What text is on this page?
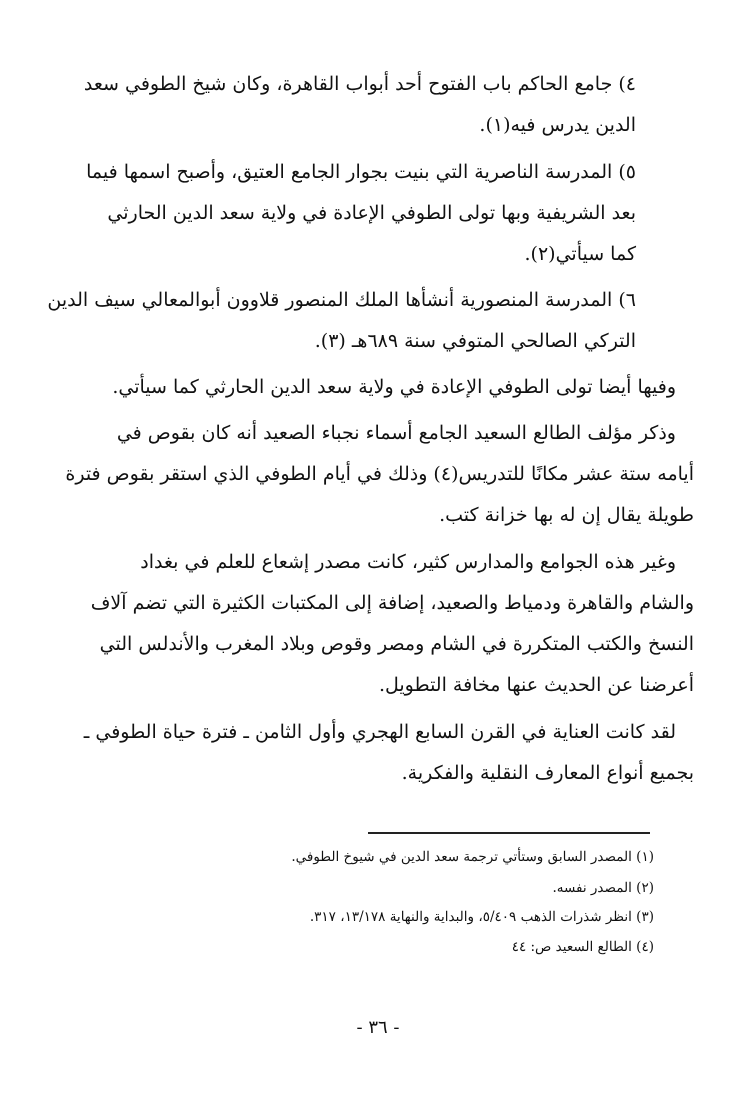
٤) جامع الحاكم باب الفتوح أحد أبواب القاهرة، وكان شيخ الطوفي سعد

الدين يدرس فيه(١).

٥) المدرسة الناصرية التي بنيت بجوار الجامع العتيق، وأصبح اسمها فيما

بعد الشريفية وبها تولى الطوفي الإعادة في ولاية سعد الدين الحارثي

كما سيأتي(٢).

٦) المدرسة المنصورية أنشأها الملك المنصور قلاوون أبوالمعالي سيف الدين

التركي الصالحي المتوفي سنة ٦٨٩هـ (٣).

وفيها أيضا تولى الطوفي الإعادة في ولاية سعد الدين الحارثي كما سيأتي.

وذكر مؤلف الطالع السعيد الجامع أسماء نجباء الصعيد أنه كان بقوص في

أيامه ستة عشر مكانًا للتدريس(٤) وذلك في أيام الطوفي الذي استقر بقوص فترة

طويلة يقال إن له بها خزانة كتب.

وغير هذه الجوامع والمدارس كثير، كانت مصدر إشعاع للعلم في بغداد

والشام والقاهرة ودمياط والصعيد، إضافة إلى المكتبات الكثيرة التي تضم آلاف

النسخ والكتب المتكررة في الشام ومصر وقوص وبلاد المغرب والأندلس التي

أعرضنا عن الحديث عنها مخافة التطويل.

لقد كانت العناية في القرن السابع الهجري وأول الثامن ـ فترة حياة الطوفي ـ

بجميع أنواع المعارف النقلية والفكرية.

(١) المصدر السابق وستأتي ترجمة سعد الدين في شيوخ الطوفي.

(٢) المصدر نفسه.

(٣) انظر شذرات الذهب ٥/٤٠٩، والبداية والنهاية ١٣/١٧٨، ٣١٧.

(٤) الطالع السعيد ص: ٤٤

- ٣٦ -
